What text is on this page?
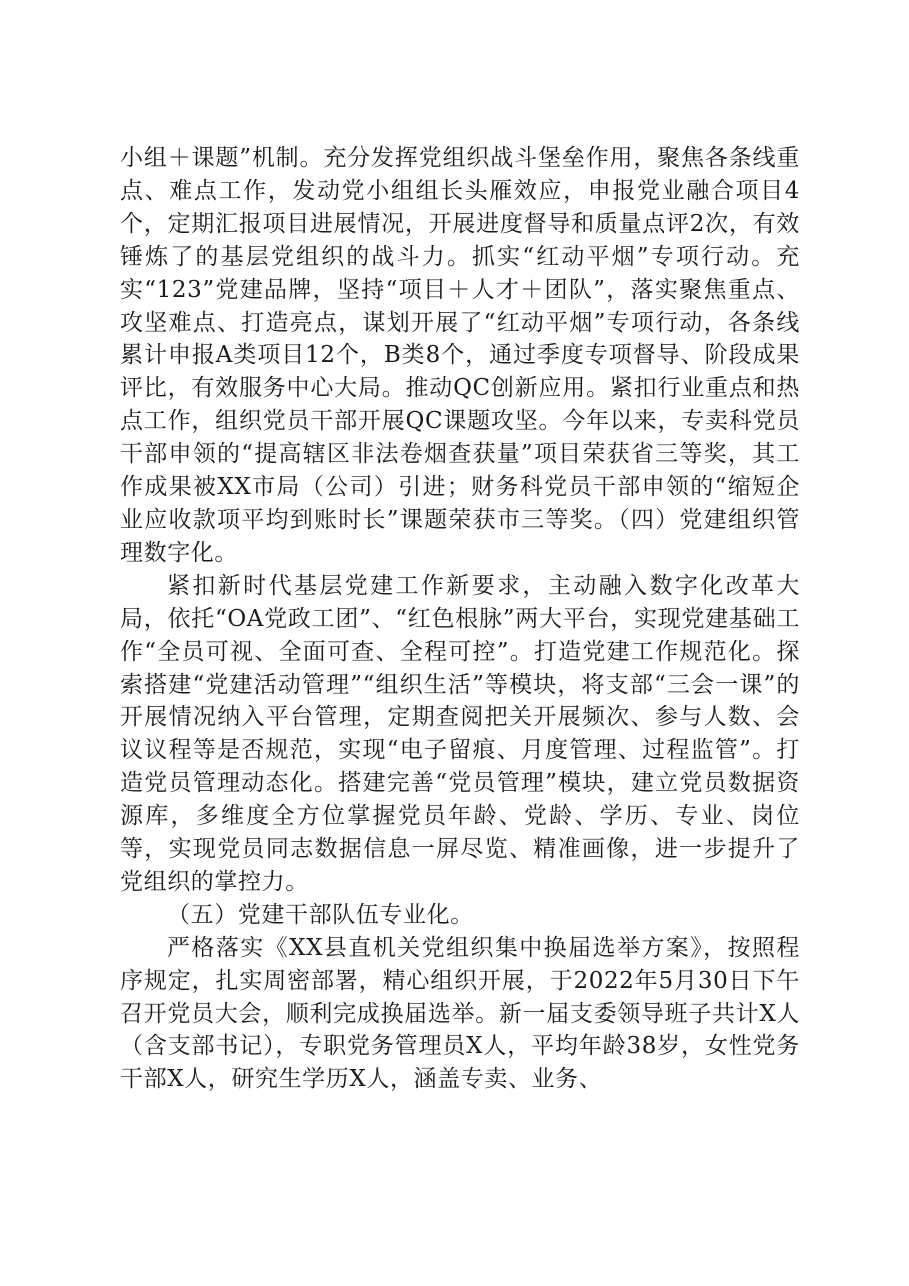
小组＋课题”机制。充分发挥党组织战斗堡垒作用，聚焦各条线重点、难点工作，发动党小组组长头雁效应，申报党业融合项目4个，定期汇报项目进展情况，开展进度督导和质量点评2次，有效锤炼了的基层党组织的战斗力。抓实“红动平烟”专项行动。充实“123”党建品牌，坚持“项目＋人才＋团队”，落实聚焦重点、攻坚难点、打造亮点，谋划开展了“红动平烟”专项行动，各条线累计申报A类项目12个，B类8个，通过季度专项督导、阶段成果评比，有效服务中心大局。推动QC创新应用。紧扣行业重点和热点工作，组织党员干部开展QC课题攻坚。今年以来，专卖科党员干部申领的“提高辖区非法卷烟查获量”项目荣获省三等奖，其工作成果被XX市局（公司）引进；财务科党员干部申领的“缩短企业应收款项平均到账时长”课题荣获市三等奖。（四）党建组织管理数字化。

紧扣新时代基层党建工作新要求，主动融入数字化改革大局，依托“OA党政工团”、“红色根脉”两大平台，实现党建基础工作“全员可视、全面可查、全程可控”。打造党建工作规范化。探索搭建“党建活动管理”“组织生活”等模块，将支部“三会一课”的开展情况纳入平台管理，定期查阅把关开展频次、参与人数、会议议程等是否规范，实现“电子留痕、月度管理、过程监管”。打造党员管理动态化。搭建完善“党员管理”模块，建立党员数据资源库，多维度全方位掌握党员年龄、党龄、学历、专业、岗位等，实现党员同志数据信息一屏尽览、精准画像，进一步提升了党组织的掌控力。

（五）党建干部队伍专业化。

严格落实《XX县直机关党组织集中换届选举方案》，按照程序规定，扎实周密部署，精心组织开展，于2022年5月30日下午召开党员大会，顺利完成换届选举。新一届支委领导班子共计X人（含支部书记），专职党务管理员X人，平均年龄38岁，女性党务干部X人，研究生学历X人，涵盖专卖、业务、
